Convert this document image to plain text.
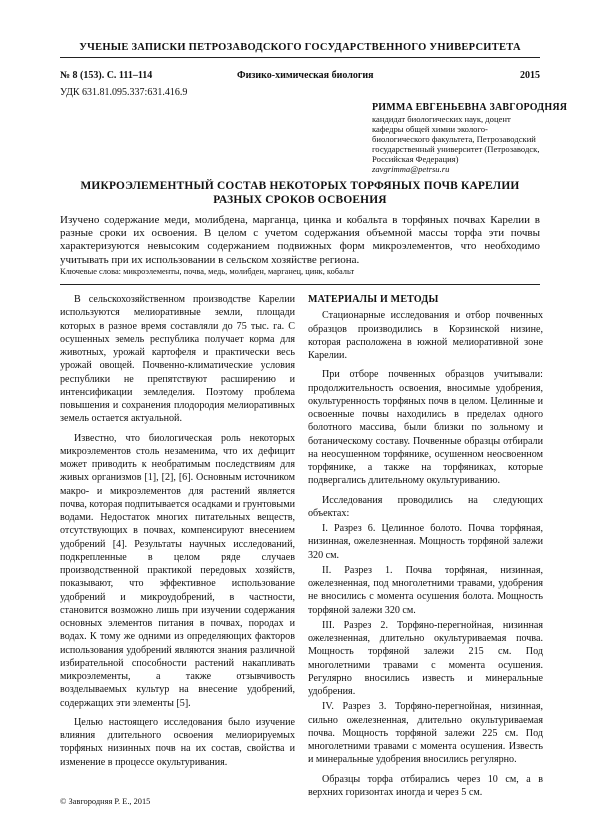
УЧЕНЫЕ ЗАПИСКИ ПЕТРОЗАВОДСКОГО ГОСУДАРСТВЕННОГО УНИВЕРСИТЕТА
№ 8 (153). С. 111–114	Физико-химическая биология	2015
УДК 631.81.095.337:631.416.9
РИММА ЕВГЕНЬЕВНА ЗАВГОРОДНЯЯ
кандидат биологических наук, доцент кафедры общей химии эколого-биологического факультета, Петрозаводский государственный университет (Петрозаводск, Российская Федерация)
zavgrimma@petrsu.ru
МИКРОЭЛЕМЕНТНЫЙ СОСТАВ НЕКОТОРЫХ ТОРФЯНЫХ ПОЧВ КАРЕЛИИ РАЗНЫХ СРОКОВ ОСВОЕНИЯ
Изучено содержание меди, молибдена, марганца, цинка и кобальта в торфяных почвах Карелии в разные сроки их освоения. В целом с учетом содержания объемной массы торфа эти почвы характеризуются невысоким содержанием подвижных форм микроэлементов, что необходимо учитывать при их использовании в сельском хозяйстве региона.
Ключевые слова: микроэлементы, почва, медь, молибден, марганец, цинк, кобальт

В сельскохозяйственном производстве Карелии используются мелиоративные земли, площади которых в разное время составляли до 75 тыс. га. С осушенных земель республика получает корма для животных, урожай картофеля и практически весь урожай овощей. Почвенно-климатические условия республики не препятствуют расширению и интенсификации земледелия. Поэтому проблема повышения и сохранения плодородия мелиоративных земель остается актуальной.

Известно, что биологическая роль некоторых микроэлементов столь незаменима, что их дефицит может приводить к необратимым последствиям для живых организмов [1], [2], [6]. Основным источником макро- и микроэлементов для растений является почва, которая подпитывается осадками и грунтовыми водами. Недостаток многих питательных веществ, отсутствующих в почвах, компенсируют внесением удобрений [4]. Результаты научных исследований, подкрепленные в целом ряде случаев производственной практикой передовых хозяйств, показывают, что эффективное использование удобрений и микроудобрений, в частности, становится возможно лишь при изучении содержания основных элементов питания в почвах, породах и водах. К тому же одними из определяющих факторов использования удобрений являются знания различной избирательной способности растений накапливать микроэлементы, а также отзывчивость возделываемых культур на внесение удобрений, содержащих эти элементы [5].

Целью настоящего исследования было изучение влияния длительного освоения мелиорируемых торфяных низинных почв на их состав, свойства и изменение в процессе окультуривания.

МАТЕРИАЛЫ И МЕТОДЫ

Стационарные исследования и отбор почвенных образцов производились в Корзинской низине, которая расположена в южной мелиоративной зоне Карелии.

При отборе почвенных образцов учитывали: продолжительность освоения, вносимые удобрения, окультуренность торфяных почв в целом. Целинные и освоенные почвы находились в пределах одного болотного массива, были близки по зольному и ботаническому составу. Почвенные образцы отбирали на неосушенном торфянике, осушенном неосвоенном торфянике, а также на торфяниках, которые подвергались длительному окультуриванию.

Исследования проводились на следующих объектах:

I. Разрез 6. Целинное болото. Почва торфяная, низинная, ожелезненная. Мощность торфяной залежи 320 см.

II. Разрез 1. Почва торфяная, низинная, ожелезненная, под многолетними травами, удобрения не вносились с момента осушения болота. Мощность торфяной залежи 320 см.

III. Разрез 2. Торфяно-перегнойная, низинная ожелезненная, длительно окультуриваемая почва. Мощность торфяной залежи 215 см. Под многолетними травами с момента осушения. Регулярно вносились известь и минеральные удобрения.

IV. Разрез 3. Торфяно-перегнойная, низинная, сильно ожелезненная, длительно окультуриваемая почва. Мощность торфяной залежи 225 см. Под многолетними травами с момента осушения. Известь и минеральные удобрения вносились регулярно.

Образцы торфа отбирались через 10 см, а в верхних горизонтах иногда и через 5 см.

© Завгородняя Р. Е., 2015
